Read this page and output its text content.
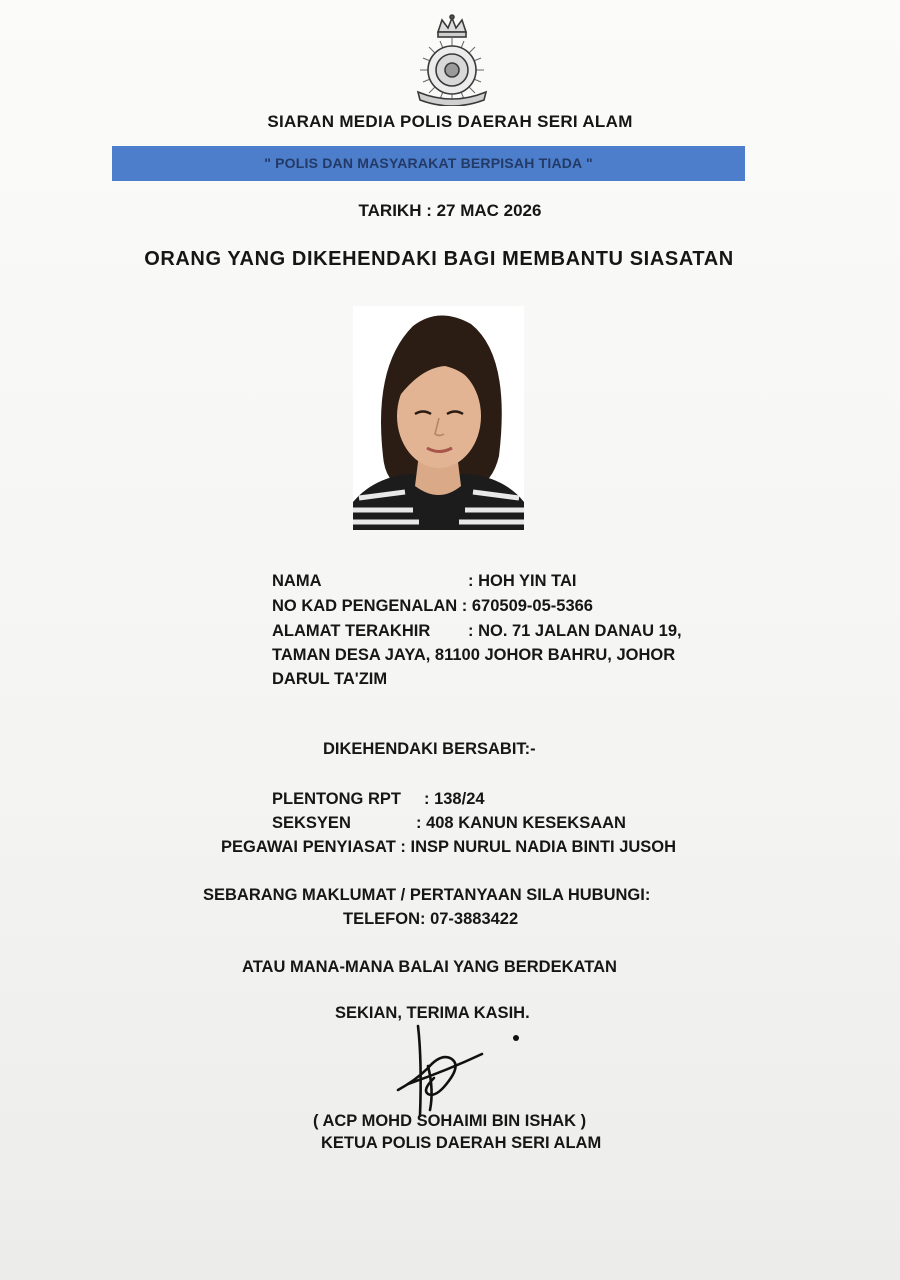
SIARAN MEDIA POLIS DAERAH SERI ALAM
" POLIS DAN MASYARAKAT BERPISAH TIADA "
TARIKH : 27 MAC 2026
ORANG YANG DIKEHENDAKI BAGI MEMBANTU SIASATAN
NAMA	: HOH YIN TAI
NO KAD PENGENALAN : 670509-05-5366
ALAMAT TERAKHIR : NO. 71 JALAN DANAU 19,
TAMAN DESA JAYA, 81100 JOHOR BAHRU, JOHOR
DARUL TA'ZIM
DIKEHENDAKI BERSABIT:-
PLENTONG RPT : 138/24
SEKSYEN	: 408 KANUN KESEKSAAN
PEGAWAI PENYIASAT : INSP NURUL NADIA BINTI JUSOH
SEBARANG MAKLUMAT / PERTANYAAN SILA HUBUNGI:
TELEFON: 07-3883422
ATAU MANA-MANA BALAI YANG BERDEKATAN
SEKIAN, TERIMA KASIH.
( ACP MOHD SOHAIMI BIN ISHAK )
KETUA POLIS DAERAH SERI ALAM
